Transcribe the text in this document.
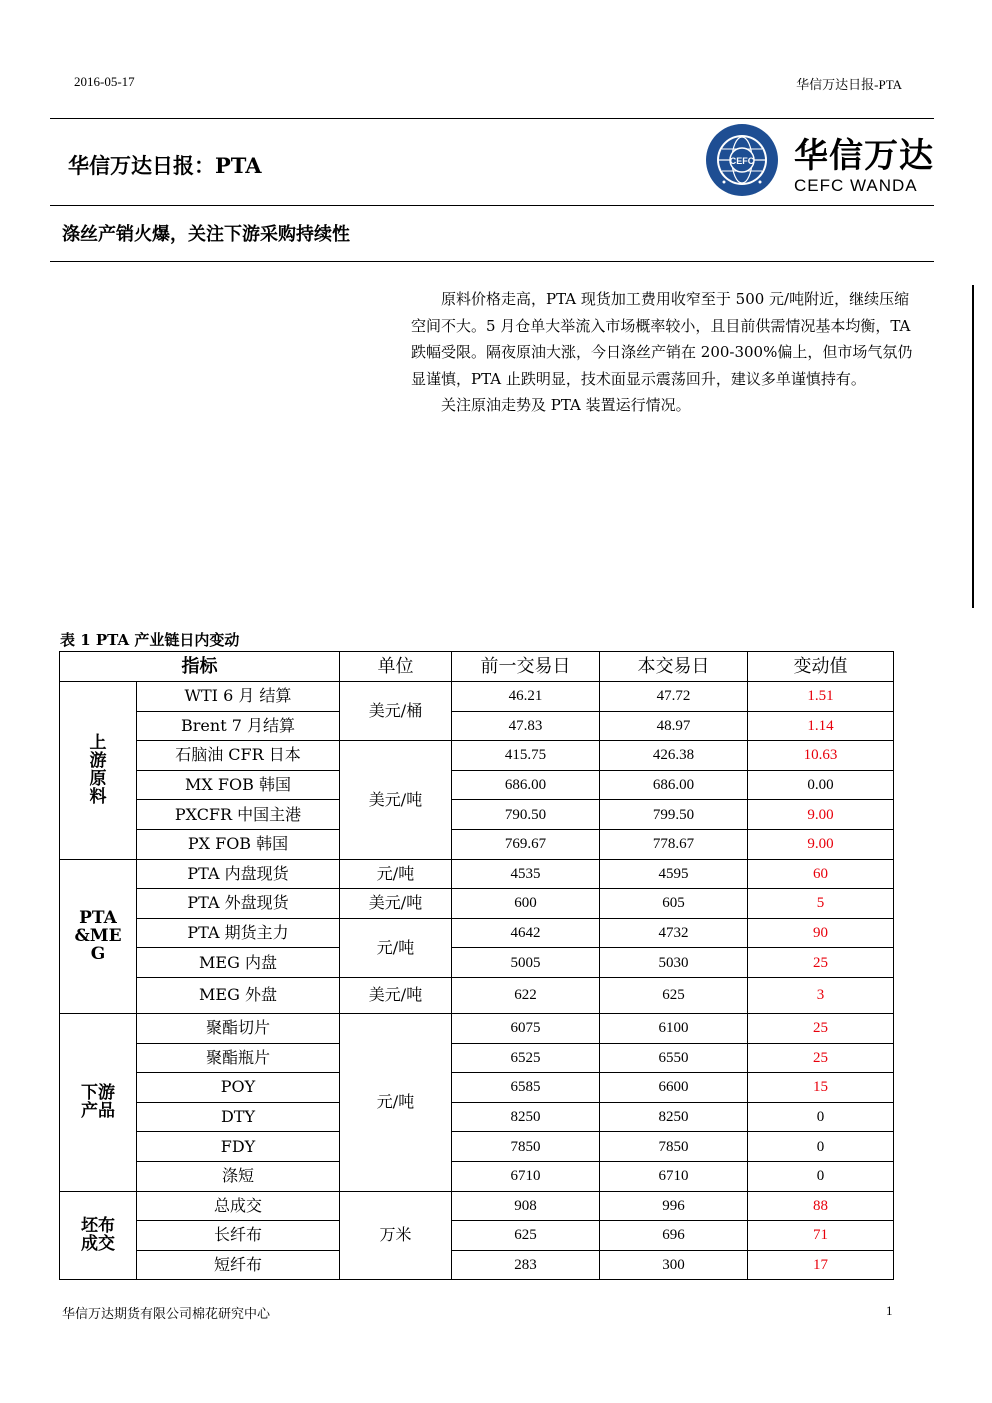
2016-05-17	华信万达日报-PTA
华信万达日报：PTA	CEFC 华信万达
CEFC WANDA
涤丝产销火爆，关注下游采购持续性

原料价格走高，PTA 现货加工费用收窄至于 500 元/吨附近，继续压缩空间不大。5 月仓单大举流入市场概率较小，且目前供需情况基本均衡，TA 跌幅受限。隔夜原油大涨，今日涤丝产销在 200-300%偏上，但市场气氛仍显谨慎，PTA 止跌明显，技术面显示震荡回升，建议多单谨慎持有。

关注原油走势及 PTA 装置运行情况。

表 1 PTA 产业链日内变动
指标		单位	前一交易日	本交易日	变动值
上游原料	WTI 6 月 结算	美元/桶	46.21	47.72	1.51
	Brent 7 月结算		47.83	48.97	1.14
	石脑油 CFR 日本	美元/吨	415.75	426.38	10.63
	MX FOB 韩国		686.00	686.00	0.00
	PXCFR 中国主港		790.50	799.50	9.00
	PX FOB 韩国		769.67	778.67	9.00
PTA&MEG	PTA 内盘现货	元/吨	4535	4595	60
	PTA 外盘现货	美元/吨	600	605	5
	PTA 期货主力	元/吨	4642	4732	90
	MEG 内盘		5005	5030	25
	MEG 外盘	美元/吨	622	625	3
下游产品	聚酯切片	元/吨	6075	6100	25
	聚酯瓶片		6525	6550	25
	POY		6585	6600	15
	DTY		8250	8250	0
	FDY		7850	7850	0
	涤短		6710	6710	0
坯布成交	总成交	万米	908	996	88
	长纤布		625	696	71
	短纤布		283	300	17
华信万达期货有限公司棉花研究中心	1
